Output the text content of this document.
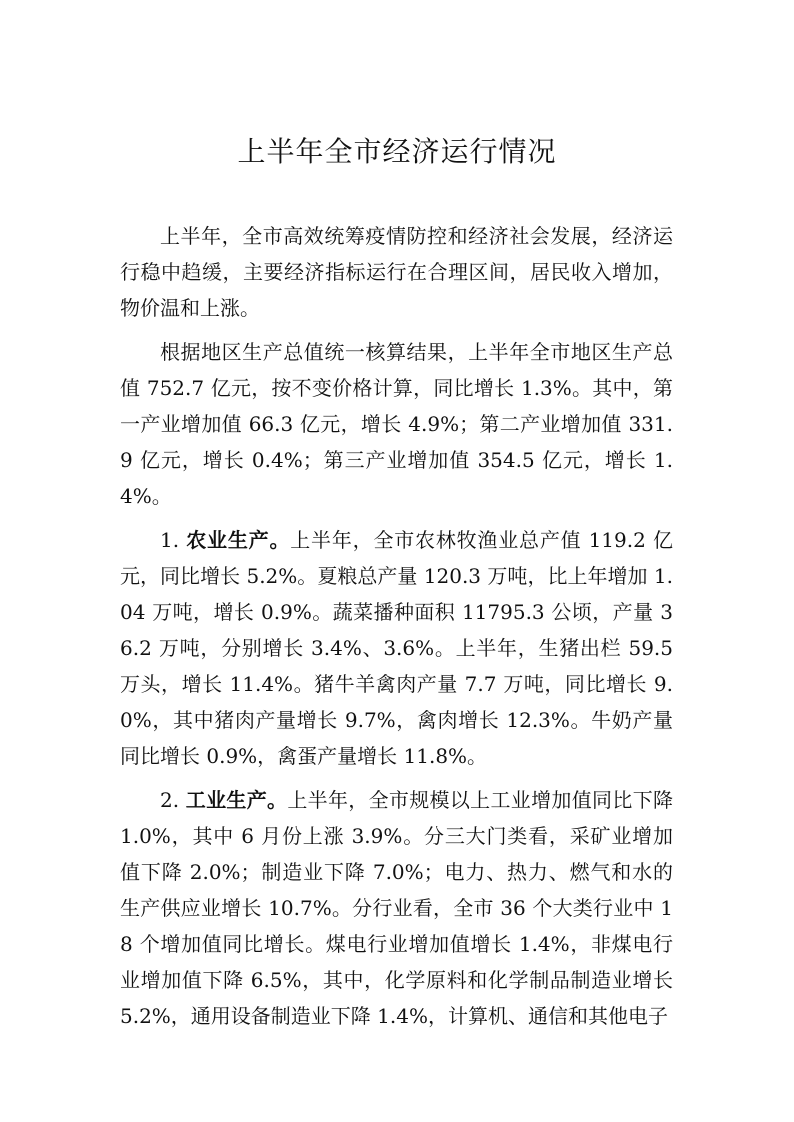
上半年全市经济运行情况

上半年，全市高效统筹疫情防控和经济社会发展，经济运行稳中趋缓，主要经济指标运行在合理区间，居民收入增加，物价温和上涨。

根据地区生产总值统一核算结果，上半年全市地区生产总值 752.7 亿元，按不变价格计算，同比增长 1.3%。其中，第一产业增加值 66.3 亿元，增长 4.9%；第二产业增加值 331.9 亿元，增长 0.4%；第三产业增加值 354.5 亿元，增长 1.4%。

1. 农业生产。上半年，全市农林牧渔业总产值 119.2 亿元，同比增长 5.2%。夏粮总产量 120.3 万吨，比上年增加 1.04 万吨，增长 0.9%。蔬菜播种面积 11795.3 公顷，产量 36.2 万吨，分别增长 3.4%、3.6%。上半年，生猪出栏 59.5 万头，增长 11.4%。猪牛羊禽肉产量 7.7 万吨，同比增长 9.0%，其中猪肉产量增长 9.7%，禽肉增长 12.3%。牛奶产量同比增长 0.9%，禽蛋产量增长 11.8%。

2. 工业生产。上半年，全市规模以上工业增加值同比下降 1.0%，其中 6 月份上涨 3.9%。分三大门类看，采矿业增加值下降 2.0%；制造业下降 7.0%；电力、热力、燃气和水的生产供应业增长 10.7%。分行业看，全市 36 个大类行业中 18 个增加值同比增长。煤电行业增加值增长 1.4%，非煤电行业增加值下降 6.5%，其中，化学原料和化学制品制造业增长 5.2%，通用设备制造业下降 1.4%，计算机、通信和其他电子
